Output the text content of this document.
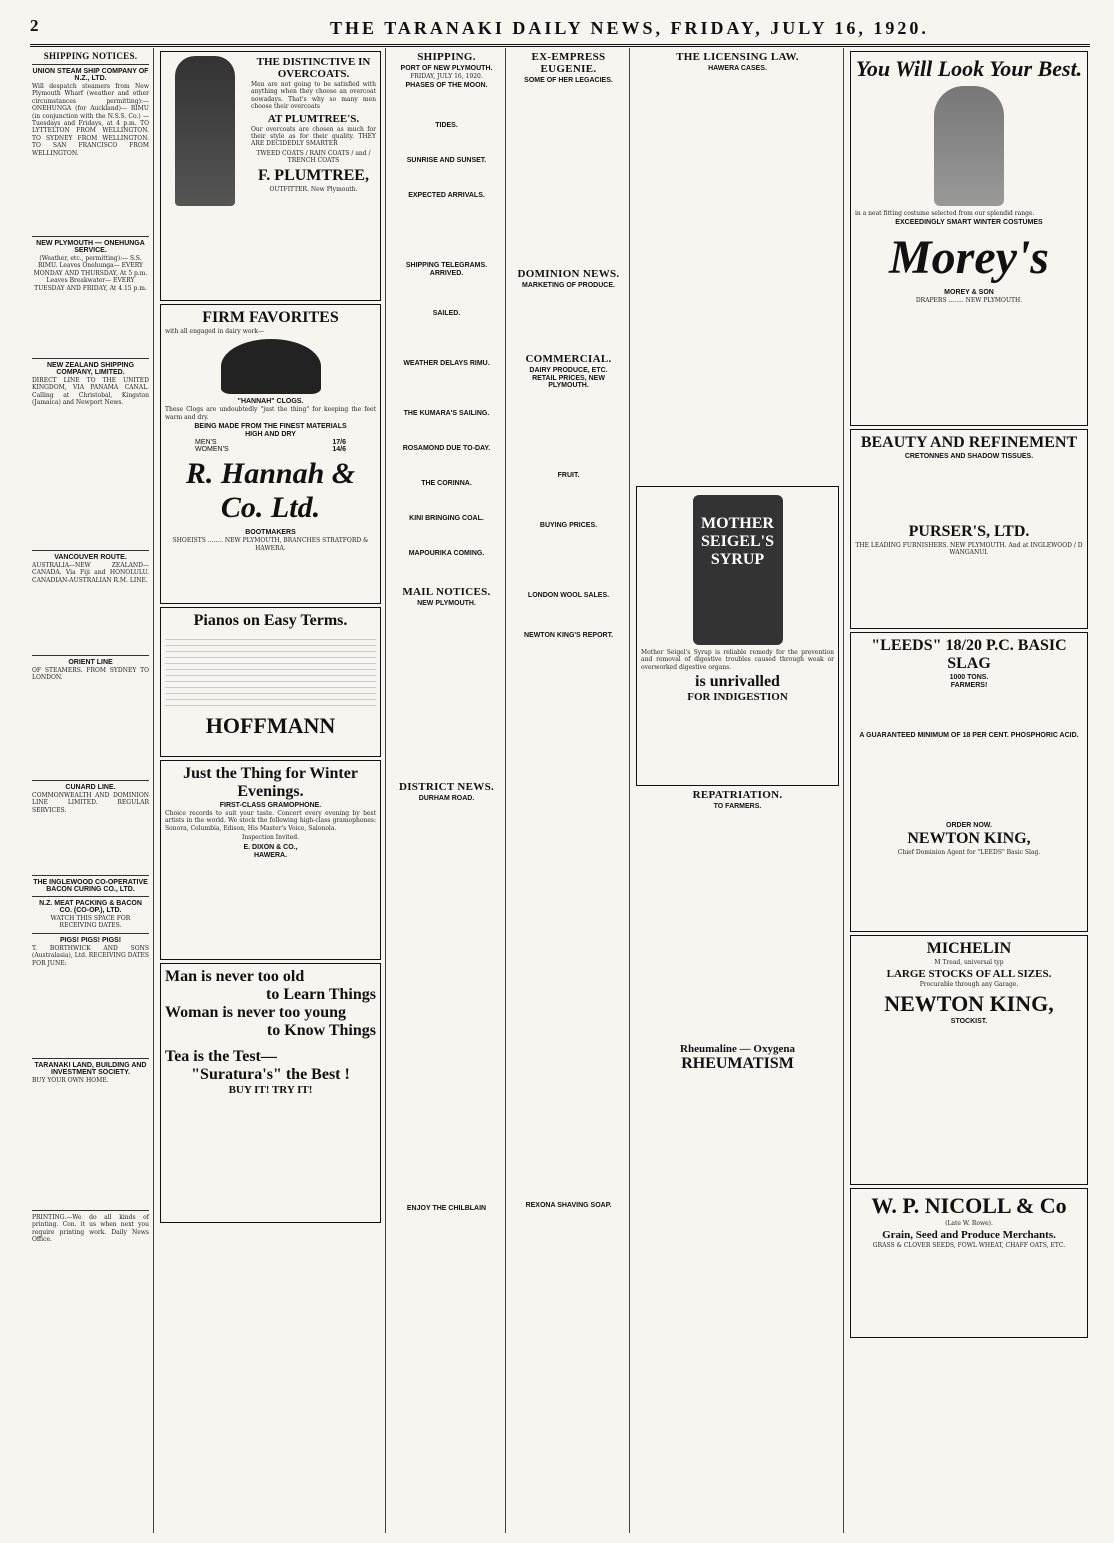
2	THE TARANAKI DAILY NEWS, FRIDAY, JULY 16, 1920.
SHIPPING NOTICES.
UNION STEAM SHIP COMPANY OF N.Z., LTD.
Will despatch steamers from New Plymouth Wharf (weather and other circumstances permitting):— ONEHUNGA (for Auckland)— RIMU (in conjunction with the N.S.S. Co.) — Tuesdays and Fridays, at 4 p.m. TO LYTTELTON FROM WELLINGTON. TO SYDNEY FROM WELLINGTON. TO SAN FRANCISCO FROM WELLINGTON.
NEW PLYMOUTH — ONEHUNGA SERVICE.
(Weather, etc., permitting):— S.S. RIMU. Leaves Onehunga— EVERY MONDAY AND THURSDAY, At 5 p.m. Leaves Breakwater— EVERY TUESDAY AND FRIDAY, At 4.15 p.m.
NEW ZEALAND SHIPPING COMPANY, LIMITED.
DIRECT LINE TO THE UNITED KINGDOM, VIA PANAMA CANAL. Calling at Christobal, Kingston (Jamaica) and Newport News.
VANCOUVER ROUTE.
AUSTRALIA—NEW ZEALAND—CANADA. Via Fiji and HONOLULU. CANADIAN-AUSTRALIAN R.M. LINE.
ORIENT LINE
OF STEAMERS. FROM SYDNEY TO LONDON.
CUNARD LINE.
COMMONWEALTH AND DOMINION LINE LIMITED. REGULAR SERVICES.
THE INGLEWOOD CO-OPERATIVE BACON CURING CO., LTD.
N.Z. MEAT PACKING & BACON CO. (CO-OP.), LTD.
WATCH THIS SPACE FOR RECEIVING DATES.
PIGS! PIGS! PIGS!
T. BORTHWICK AND SONS (Australasia), Ltd. RECEIVING DATES FOR JUNE:
TARANAKI LAND, BUILDING AND INVESTMENT SOCIETY.
BUY YOUR OWN HOME.
PRINTING.—We do all kinds of printing. Con. it us when next you require printing work. Daily News Office.
THE DISTINCTIVE IN OVERCOATS.
Men are not going to be satisfied with anything when they choose an overcoat nowadays. That's why so many men choose their overcoats
AT PLUMTREE'S.
Our overcoats are chosen as much for their style as for their quality. THEY ARE DECIDEDLY SMARTER
TWEED COATS / RAIN COATS / and / TRENCH COATS
F. PLUMTREE,
OUTFITTER. New Plymouth.
FIRM FAVORITES
with all engaged in dairy work—
"HANNAH" CLOGS.
These Clogs are undoubtedly "just the thing" for keeping the feet warm and dry.
BEING MADE FROM THE FINEST MATERIALS
HIGH AND DRY
MEN'S	17/6
WOMEN'S	14/6
R. Hannah & Co. Ltd.
BOOTMAKERS
SHOEISTS ........ NEW PLYMOUTH, BRANCHES STRATFORD & HAWERA.
Pianos on Easy Terms.
HOFFMANN
Just the Thing for Winter Evenings.
FIRST-CLASS GRAMOPHONE.
Choice records to suit your taste. Concert every evening by best artists in the world. We stock the following high-class gramophones: Sonora, Columbia, Edison, His Master's Voice, Salonola.
Inspection Invited.
E. DIXON & CO.,
HAWERA.
Man is never too old
to Learn Things
Woman is never too young
to Know Things
Tea is the Test—
"Suratura's" the Best !
BUY IT! TRY IT!
SHIPPING.
PORT OF NEW PLYMOUTH.
FRIDAY, JULY 16, 1920.
PHASES OF THE MOON.
TIDES.
SUNRISE AND SUNSET.
EXPECTED ARRIVALS.
SHIPPING TELEGRAMS.
ARRIVED.
SAILED.
WEATHER DELAYS RIMU.
THE KUMARA'S SAILING.
ROSAMOND DUE TO-DAY.
THE CORINNA.
KINI BRINGING COAL.
MAPOURIKA COMING.
MAIL NOTICES.
NEW PLYMOUTH.
DISTRICT NEWS.
DURHAM ROAD.
ENJOY THE CHILBLAIN
EX-EMPRESS EUGENIE.
SOME OF HER LEGACIES.
DOMINION NEWS.
MARKETING OF PRODUCE.
COMMERCIAL.
DAIRY PRODUCE, ETC.
RETAIL PRICES, NEW PLYMOUTH.
FRUIT.
BUYING PRICES.
LONDON WOOL SALES.
NEWTON KING'S REPORT.
REXONA SHAVING SOAP.
THE LICENSING LAW.
HAWERA CASES.
MOTHER SEIGEL'S SYRUP
Mother Seigel's Syrup is reliable remedy for the prevention and removal of digestive troubles caused through weak or overworked digestive organs.
is unrivalled
FOR INDIGESTION
REPATRIATION.
TO FARMERS.
Rheumaline — Oxygena
RHEUMATISM
You Will Look Your Best.
in a neat fitting costume selected from our splendid range.
EXCEEDINGLY SMART WINTER COSTUMES
Morey's
MOREY & SON
DRAPERS ........ NEW PLYMOUTH.
BEAUTY AND REFINEMENT
CRETONNES AND SHADOW TISSUES.
PURSER'S, LTD.
THE LEADING FURNISHERS. NEW PLYMOUTH. And at INGLEWOOD / D WANGANUI.
"LEEDS" 18/20 P.C. BASIC SLAG
1000 TONS.
FARMERS!
A GUARANTEED MINIMUM OF 18 PER CENT. PHOSPHORIC ACID.
ORDER NOW.
NEWTON KING,
Chief Dominion Agent for "LEEDS" Basic Slag.
MICHELIN
M Tread, universal typ
LARGE STOCKS OF ALL SIZES.
Procurable through any Garage.
NEWTON KING,
STOCKIST.
W. P. NICOLL & Co
(Late W. Rowe).
Grain, Seed and Produce Merchants.
GRASS & CLOVER SEEDS, FOWL WHEAT, CHAFF OATS, ETC.
